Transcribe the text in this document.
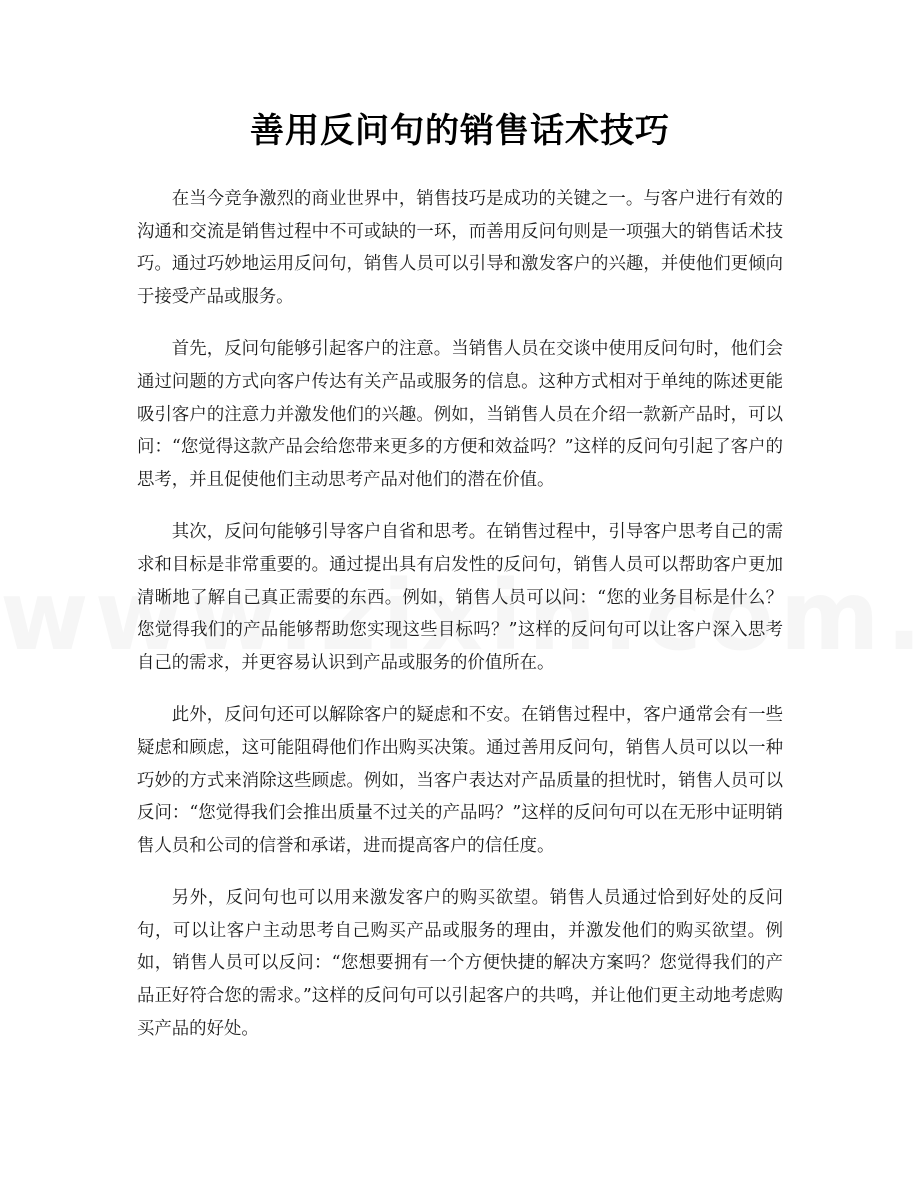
善用反问句的销售话术技巧

在当今竞争激烈的商业世界中，销售技巧是成功的关键之一。与客户进行有效的沟通和交流是销售过程中不可或缺的一环，而善用反问句则是一项强大的销售话术技巧。通过巧妙地运用反问句，销售人员可以引导和激发客户的兴趣，并使他们更倾向于接受产品或服务。

首先，反问句能够引起客户的注意。当销售人员在交谈中使用反问句时，他们会通过问题的方式向客户传达有关产品或服务的信息。这种方式相对于单纯的陈述更能吸引客户的注意力并激发他们的兴趣。例如，当销售人员在介绍一款新产品时，可以问：“您觉得这款产品会给您带来更多的方便和效益吗？”这样的反问句引起了客户的思考，并且促使他们主动思考产品对他们的潜在价值。

其次，反问句能够引导客户自省和思考。在销售过程中，引导客户思考自己的需求和目标是非常重要的。通过提出具有启发性的反问句，销售人员可以帮助客户更加清晰地了解自己真正需要的东西。例如，销售人员可以问：“您的业务目标是什么？您觉得我们的产品能够帮助您实现这些目标吗？”这样的反问句可以让客户深入思考自己的需求，并更容易认识到产品或服务的价值所在。

此外，反问句还可以解除客户的疑虑和不安。在销售过程中，客户通常会有一些疑虑和顾虑，这可能阻碍他们作出购买决策。通过善用反问句，销售人员可以以一种巧妙的方式来消除这些顾虑。例如，当客户表达对产品质量的担忧时，销售人员可以反问：“您觉得我们会推出质量不过关的产品吗？”这样的反问句可以在无形中证明销售人员和公司的信誉和承诺，进而提高客户的信任度。

另外，反问句也可以用来激发客户的购买欲望。销售人员通过恰到好处的反问句，可以让客户主动思考自己购买产品或服务的理由，并激发他们的购买欲望。例如，销售人员可以反问：“您想要拥有一个方便快捷的解决方案吗？您觉得我们的产品正好符合您的需求。”这样的反问句可以引起客户的共鸣，并让他们更主动地考虑购买产品的好处。
